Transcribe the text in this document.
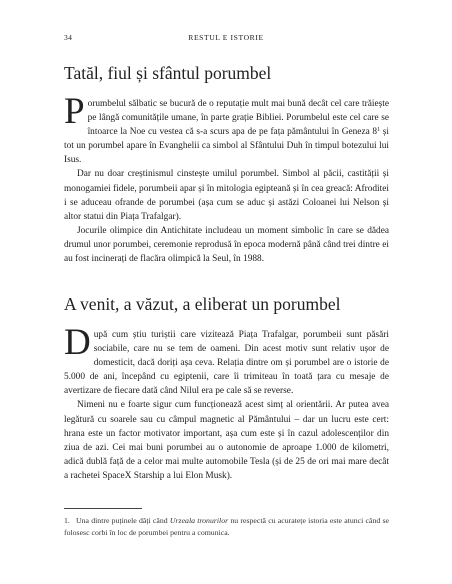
34	RESTUL E ISTORIE
Tatăl, fiul și sfântul porumbel

Porumbelul sălbatic se bucură de o reputație mult mai bună decât cel care trăiește pe lângă comunitățile umane, în parte grație Bibliei. Porumbelul este cel care se întoarce la Noe cu vestea că s-a scurs apa de pe fața pământului în Geneza $8^1$ și tot un porumbel apare în Evangheliі ca simbol al Sfântului Duh în timpul botezului lui Isus.

Dar nu doar creștinismul cinstește umilul porumbel. Simbol al păcii, castității și monogamiei fidele, porumbeii apar și în mitologia egipteană și în cea greacă: Afroditei i se aduceau ofrande de porumbei (așa cum se aduc și astăzi Coloanei lui Nelson și altor statui din Piața Trafalgar).

Jocurile olimpice din Antichitate includeau un moment simbolic în care se dădea drumul unor porumbei, ceremonie reprodusă în epoca modernă până când trei dintre ei au fost incinerați de flacăra olimpică la Seul, în 1988.

A venit, a văzut, a eliberat un porumbel

După cum știu turiștii care vizitează Piața Trafalgar, porumbeii sunt păsări sociabile, care nu se tem de oameni. Din acest motiv sunt relativ ușor de domesticit, dacă doriți așa ceva. Relația dintre om și porumbel are o istorie de 5.000 de ani, începând cu egiptenii, care îi trimiteau în toată țara cu mesaje de avertizare de fiecare dată când Nilul era pe cale să se reverse.

Nimeni nu e foarte sigur cum funcționează acest simț al orientării. Ar putea avea legătură cu soarele sau cu câmpul magnetic al Pământului – dar un lucru este cert: hrana este un factor motivator important, așa cum este și în cazul adolescenților din ziua de azi. Cei mai buni porumbei au o autonomie de aproape 1.000 de kilometri, adică dublă față de a celor mai multe automobile Tesla (și de 25 de ori mai mare decât a rachetei SpaceX Starship a lui Elon Musk).

1. Una dintre puținele dăți când Urzeala tronurilor nu respectă cu acuratețe istoria este atunci când se folosesc corbi în loc de porumbei pentru a comunica.
